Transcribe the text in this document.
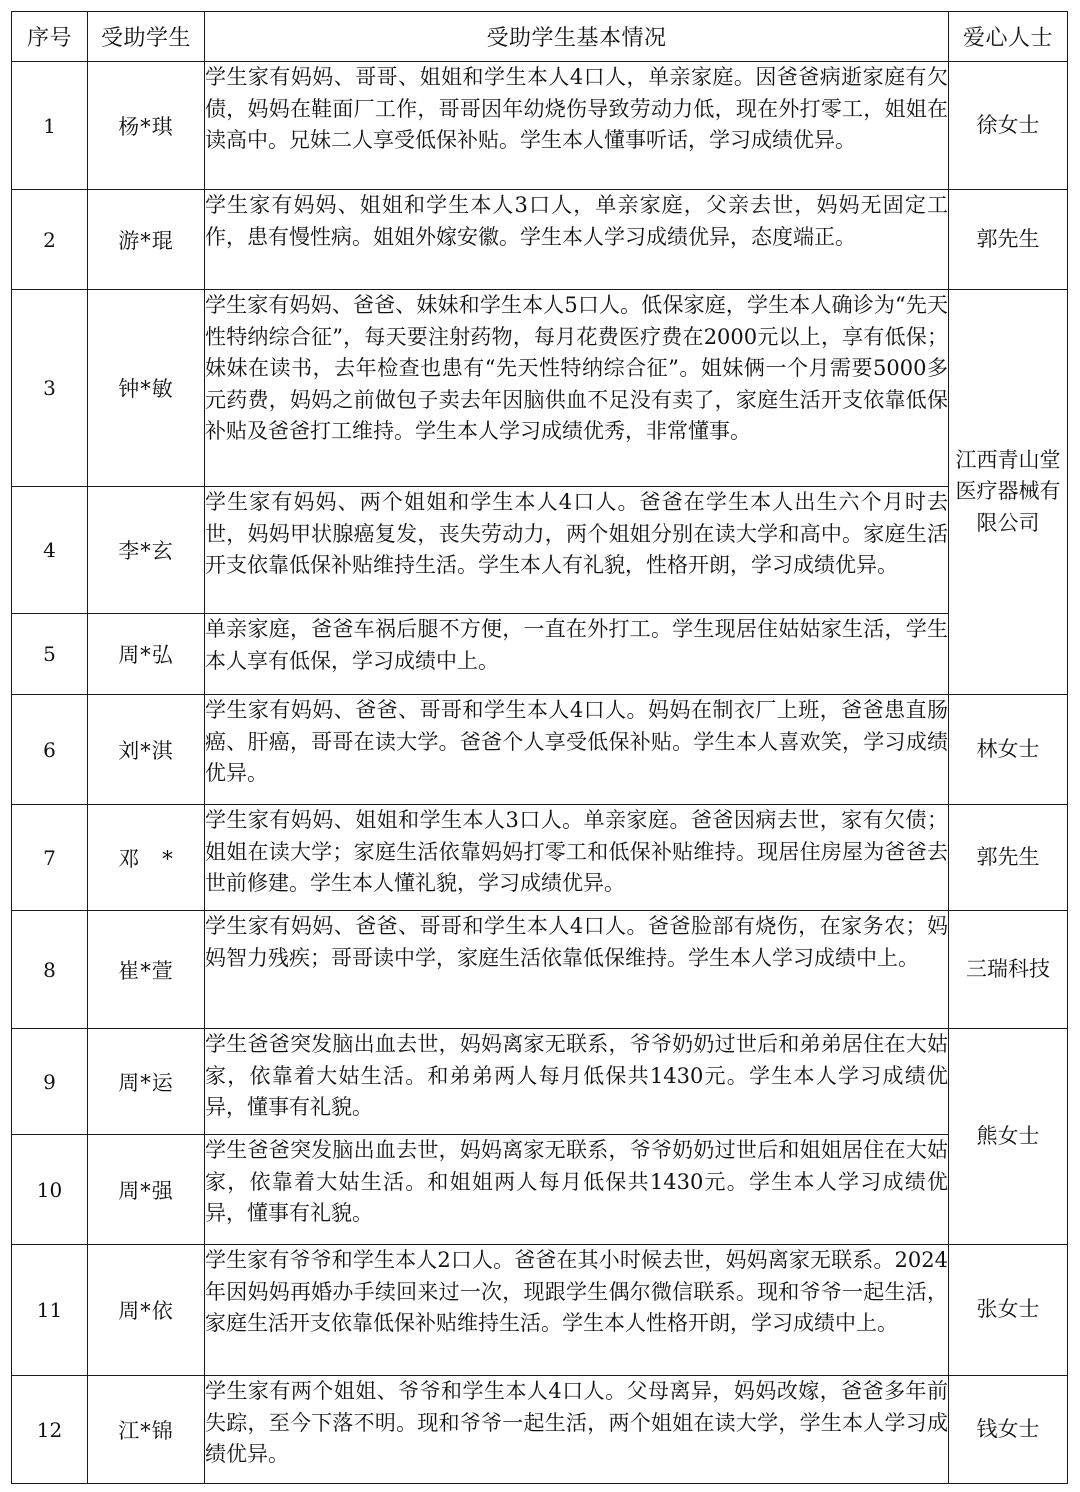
序号	受助学生	受助学生基本情况	爱心人士
1	杨*琪	学生家有妈妈、哥哥、姐姐和学生本人4口人，单亲家庭。因爸爸病逝家庭有欠债，妈妈在鞋面厂工作，哥哥因年幼烧伤导致劳动力低，现在外打零工，姐姐在读高中。兄妹二人享受低保补贴。学生本人懂事听话，学习成绩优异。	徐女士
2	游*琨	学生家有妈妈、姐姐和学生本人3口人，单亲家庭，父亲去世，妈妈无固定工作，患有慢性病。姐姐外嫁安徽。学生本人学习成绩优异，态度端正。	郭先生
3	钟*敏	学生家有妈妈、爸爸、妹妹和学生本人5口人。低保家庭，学生本人确诊为“先天性特纳综合征”，每天要注射药物，每月花费医疗费在2000元以上，享有低保；妹妹在读书，去年检查也患有“先天性特纳综合征”。姐妹俩一个月需要5000多元药费，妈妈之前做包子卖去年因脑供血不足没有卖了，家庭生活开支依靠低保补贴及爸爸打工维持。学生本人学习成绩优秀，非常懂事。	江西青山堂医疗器械有限公司
4	李*玄	学生家有妈妈、两个姐姐和学生本人4口人。爸爸在学生本人出生六个月时去世，妈妈甲状腺癌复发，丧失劳动力，两个姐姐分别在读大学和高中。家庭生活开支依靠低保补贴维持生活。学生本人有礼貌，性格开朗，学习成绩优异。	
5	周*弘	单亲家庭，爸爸车祸后腿不方便，一直在外打工。学生现居住姑姑家生活，学生本人享有低保，学习成绩中上。	
6	刘*淇	学生家有妈妈、爸爸、哥哥和学生本人4口人。妈妈在制衣厂上班，爸爸患直肠癌、肝癌，哥哥在读大学。爸爸个人享受低保补贴。学生本人喜欢笑，学习成绩优异。	林女士
7	邓　*	学生家有妈妈、姐姐和学生本人3口人。单亲家庭。爸爸因病去世，家有欠债；姐姐在读大学；家庭生活依靠妈妈打零工和低保补贴维持。现居住房屋为爸爸去世前修建。学生本人懂礼貌，学习成绩优异。	郭先生
8	崔*萱	学生家有妈妈、爸爸、哥哥和学生本人4口人。爸爸脸部有烧伤，在家务农；妈妈智力残疾；哥哥读中学，家庭生活依靠低保维持。学生本人学习成绩中上。	三瑞科技
9	周*运	学生爸爸突发脑出血去世，妈妈离家无联系，爷爷奶奶过世后和弟弟居住在大姑家，依靠着大姑生活。和弟弟两人每月低保共1430元。学生本人学习成绩优异，懂事有礼貌。	熊女士
10	周*强	学生爸爸突发脑出血去世，妈妈离家无联系，爷爷奶奶过世后和姐姐居住在大姑家，依靠着大姑生活。和姐姐两人每月低保共1430元。学生本人学习成绩优异，懂事有礼貌。	
11	周*依	学生家有爷爷和学生本人2口人。爸爸在其小时候去世，妈妈离家无联系。2024年因妈妈再婚办手续回来过一次，现跟学生偶尔微信联系。现和爷爷一起生活，家庭生活开支依靠低保补贴维持生活。学生本人性格开朗，学习成绩中上。	张女士
12	江*锦	学生家有两个姐姐、爷爷和学生本人4口人。父母离异，妈妈改嫁，爸爸多年前失踪，至今下落不明。现和爷爷一起生活，两个姐姐在读大学，学生本人学习成绩优异。	钱女士
